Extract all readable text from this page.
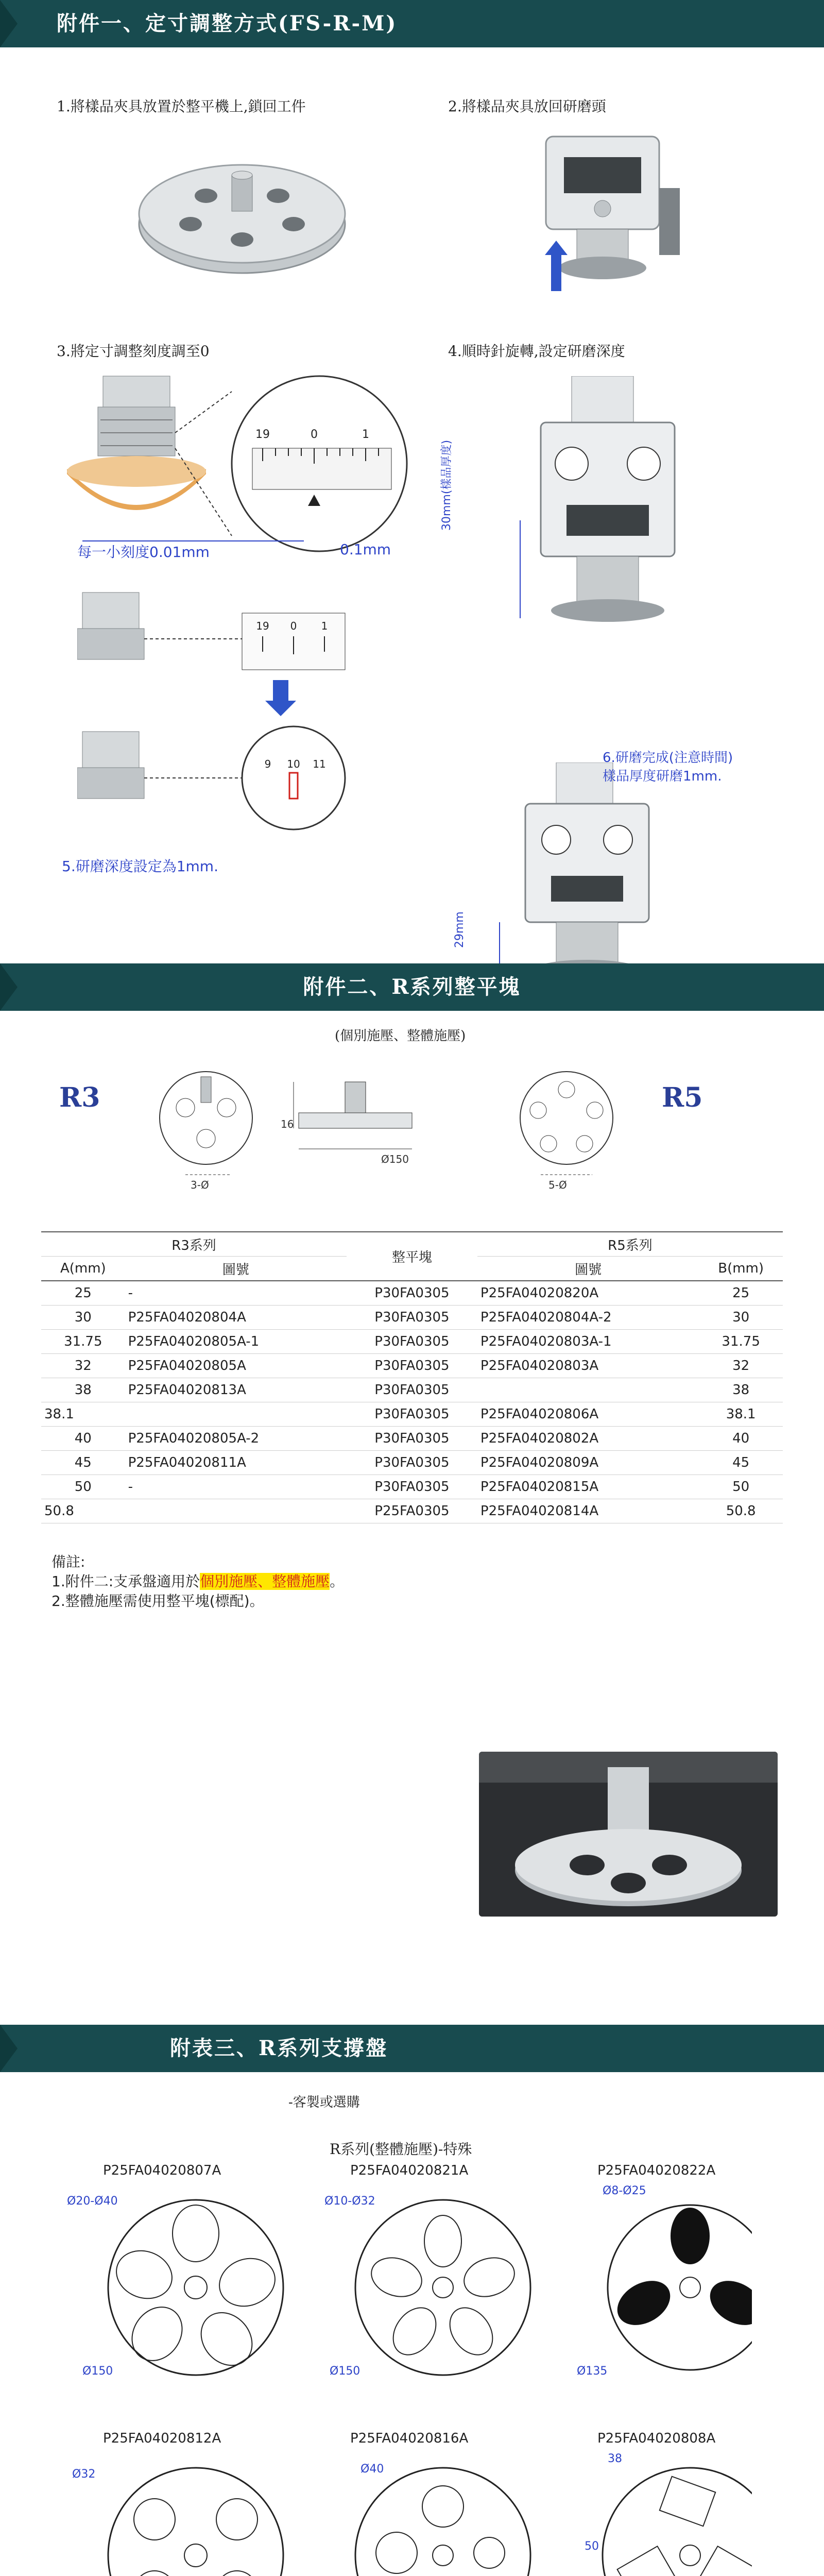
附件一、定寸調整方式(FS-R-M)
1.將樣品夾具放置於整平機上,鎖回工件	2.將樣品夾具放回研磨頭
3.將定寸調整刻度調至0	4.順時針旋轉,設定研磨深度
19	0	1
每一小刻度0.01mm	0.1mm
19 0 1
9 10 11
5.研磨深度設定為1mm.
30mm(樣品厚度)
6.研磨完成(注意時間)
樣品厚度研磨1mm.
29mm
附件二、R系列整平塊
(個別施壓、整體施壓)
R3	R5
3-Ø
Ø150
16
5-Ø
R3系列		整平塊	R5系列	
A(mm)	圖號		圖號	B(mm)
25	-	P30FA0305	P25FA04020820A	25
30	P25FA04020804A	P30FA0305	P25FA04020804A-2	30
31.75	P25FA04020805A-1	P30FA0305	P25FA04020803A-1	31.75
32	P25FA04020805A	P30FA0305	P25FA04020803A	32
38	P25FA04020813A	P30FA0305		38
38.1		P30FA0305	P25FA04020806A	38.1
40	P25FA04020805A-2	P30FA0305	P25FA04020802A	40
45	P25FA04020811A	P30FA0305	P25FA04020809A	45
50	-	P30FA0305	P25FA04020815A	50
50.8		P25FA0305	P25FA04020814A	50.8
備註:
1.附件二:支承盤適用於個別施壓、整體施壓。
2.整體施壓需使用整平塊(標配)。
附表三、R系列支撐盤
-客製或選購
R系列(整體施壓)-特殊
P25FA04020807A	P25FA04020821A	P25FA04020822A
Ø20-Ø40
Ø150
Ø10-Ø32
Ø150
Ø8-Ø25
Ø135
P25FA04020812A	P25FA04020816A	P25FA04020808A
Ø32	Ø40
38
50
